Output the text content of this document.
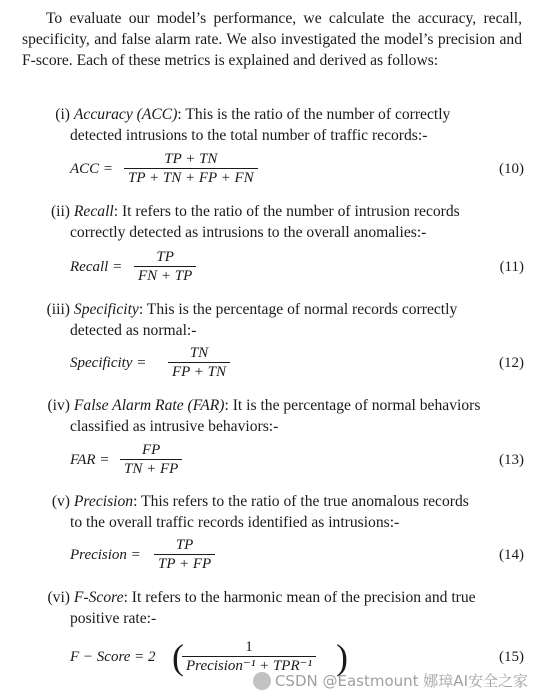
To evaluate our model’s performance, we calculate the accuracy, recall, specificity, and false alarm rate. We also investigated the model’s precision and F-score. Each of these metrics is explained and derived as follows:

(i) Accuracy (ACC): This is the ratio of the number of correctly
detected intrusions to the total number of traffic records:-
ACC = $\frac{TP + TN}{TP + TN + FP + FN}$	(10)
(ii) Recall: It refers to the ratio of the number of intrusion records
correctly detected as intrusions to the overall anomalies:-
Recall = $\frac{TP}{FN + TP}$	(11)
(iii) Specificity: This is the percentage of normal records correctly
detected as normal:-
Specificity = $\frac{TN}{FP + TN}$	(12)
(iv) False Alarm Rate (FAR): It is the percentage of normal behaviors
classified as intrusive behaviors:-
FAR = $\frac{FP}{TN + FP}$	(13)
(v) Precision: This refers to the ratio of the true anomalous records
to the overall traffic records identified as intrusions:-
Precision = $\frac{TP}{TP + FP}$	(14)
(vi) F-Score: It refers to the harmonic mean of the precision and true
positive rate:-
F − Score = 2 (	1
Precision⁻¹ + TPR⁻¹ )	(15)
CSDN @Eastmount 娜璋AI安全之家
